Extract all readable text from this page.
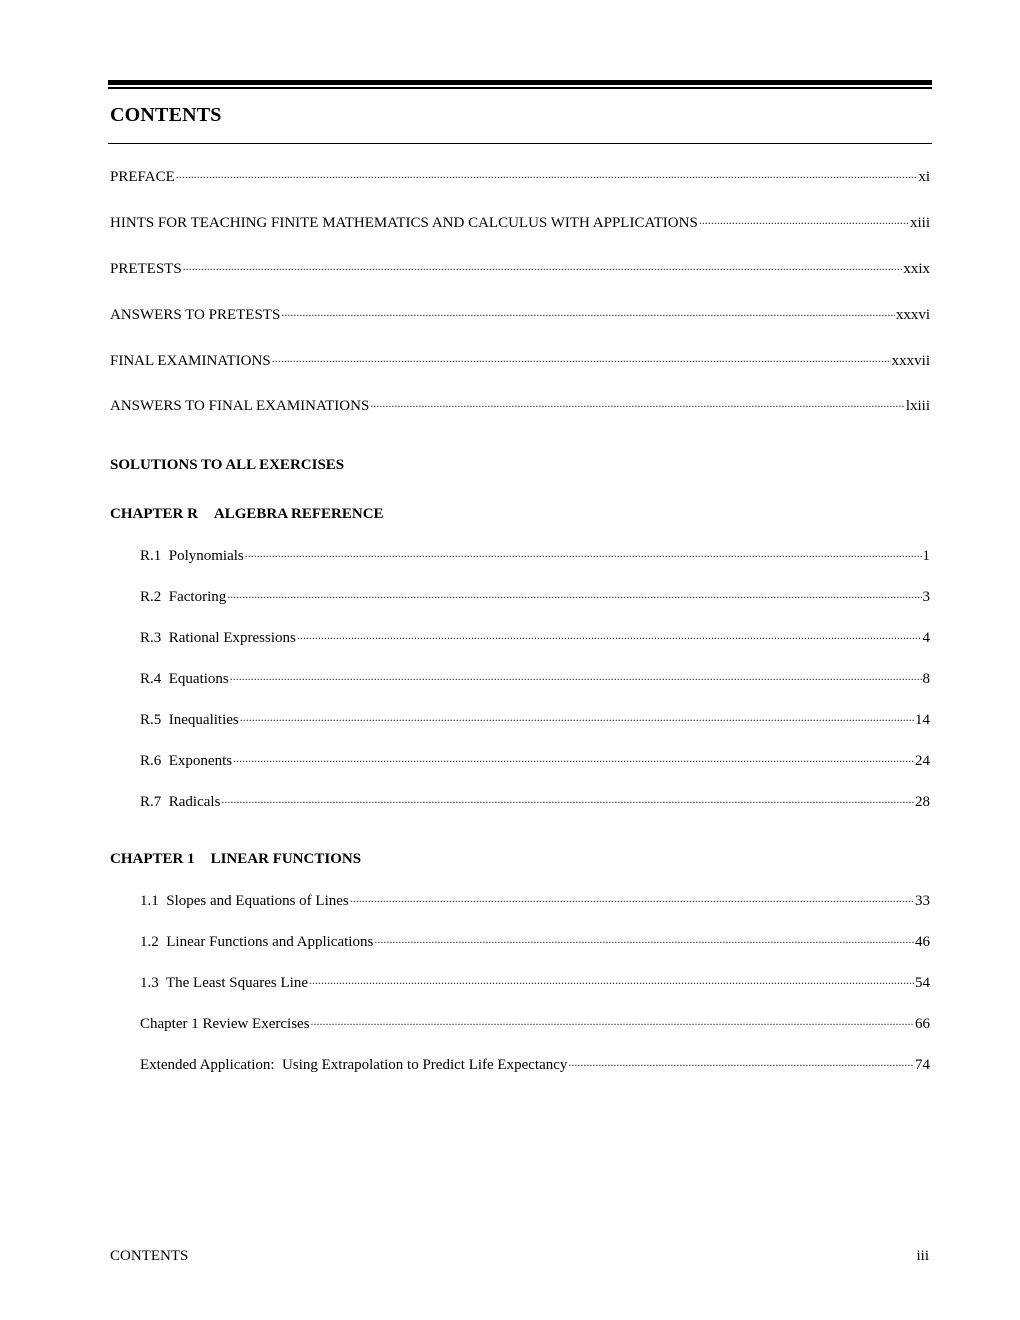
CONTENTS
PREFACE .....	xi
HINTS FOR TEACHING FINITE MATHEMATICS AND CALCULUS WITH APPLICATIONS .....	xiii
PRETESTS .....	xxix
ANSWERS TO PRETESTS .....	xxxvi
FINAL EXAMINATIONS .....	xxxvii
ANSWERS TO FINAL EXAMINATIONS .....	lxiii
SOLUTIONS TO ALL EXERCISES
CHAPTER R ALGEBRA REFERENCE
R.1  Polynomials .....	1
R.2  Factoring .....	3
R.3  Rational Expressions .....	4
R.4  Equations .....	8
R.5  Inequalities .....	14
R.6  Exponents .....	24
R.7  Radicals .....	28
CHAPTER 1 LINEAR FUNCTIONS
1.1  Slopes and Equations of Lines .....	33
1.2  Linear Functions and Applications .....	46
1.3  The Least Squares Line .....	54
Chapter 1 Review Exercises .....	66
Extended Application:  Using Extrapolation to Predict Life Expectancy .....	74
CONTENTS	iii
